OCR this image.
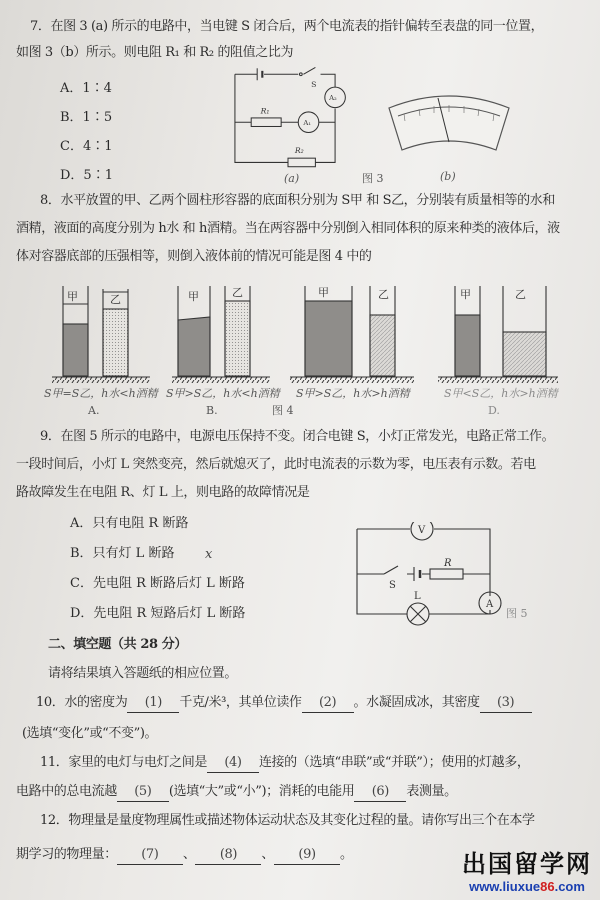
7．在图 3 (a) 所示的电路中，当电键 S 闭合后，两个电流表的指针偏转至表盘的同一位置，
如图 3（b）所示。则电阻 R₁ 和 R₂ 的阻值之比为
A．1∶4
B．1∶5
C．4∶1
D．5∶1
S
A₂
R₁
A₁
R₂
(a)	图 3	(b)
8．水平放置的甲、乙两个圆柱形容器的底面积分别为 S甲 和 S乙，分别装有质量相等的水和
酒精，液面的高度分别为 h水 和 h酒精。当在两容器中分别倒入相同体积的原来种类的液体后，液
体对容器底部的压强相等，则倒入液体前的情况可能是图 4 中的
甲	乙	甲	乙	甲	乙	甲	乙
S甲=S乙，h水<h酒精 S甲>S乙，h水<h酒精 S甲>S乙，h水>h酒精	S甲<S乙，h水>h酒精
A.	B.	图 4	D.
9．在图 5 所示的电路中，电源电压保持不变。闭合电键 S，小灯正常发光，电路正常工作。
一段时间后，小灯 L 突然变亮，然后就熄灭了，此时电流表的示数为零，电压表有示数。若电
路故障发生在电阻 R、灯 L 上，则电路的故障情况是
A．只有电阻 R 断路
B．只有灯 L 断路 x
C．先电阻 R 断路后灯 L 断路
D．先电阻 R 短路后灯 L 断路
V
R
S
A
L
图 5
二、填空题（共 28 分）
请将结果填入答题纸的相应位置。
10．水的密度为 (1) 千克/米³，其单位读作 (2) 。水凝固成冰，其密度 (3)
(选填“变化”或“不变”)。
11．家里的电灯与电灯之间是 (4) 连接的（选填“串联”或“并联”）；使用的灯越多，
电路中的总电流越 (5) (选填“大”或“小”)；消耗的电能用 (6) 表测量。
12．物理量是量度物理属性或描述物体运动状态及其变化过程的量。请你写出三个在本学
期学习的物理量： (7) 、 (8) 、 (9) 。	出国留学网
www.liuxue86.com
